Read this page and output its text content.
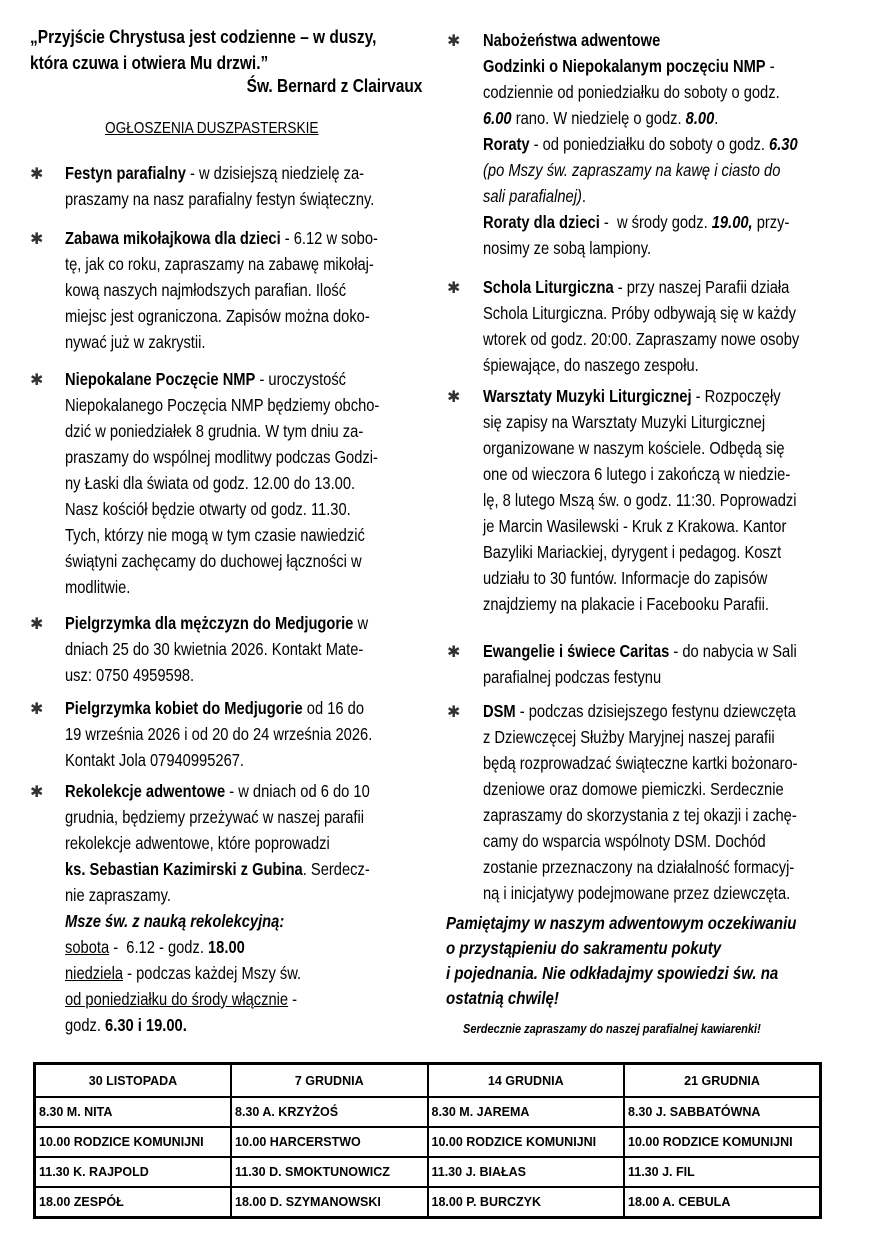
„Przyjście Chrystusa jest codzienne – w duszy,
która czuwa i otwiera Mu drzwi.”
Św. Bernard z Clairvaux
OGŁOSZENIA DUSZPASTERSKIE
✱ Festyn parafialny - w dzisiejszą niedzielę za-
praszamy na nasz parafialny festyn świąteczny.
✱ Zabawa mikołajkowa dla dzieci - 6.12 w sobo-
tę, jak co roku, zapraszamy na zabawę mikołaj-
kową naszych najmłodszych parafian. Ilość
miejsc jest ograniczona. Zapisów można doko-
nywać już w zakrystii.
✱ Niepokalane Poczęcie NMP - uroczystość
Niepokalanego Poczęcia NMP będziemy obcho-
dzić w poniedziałek 8 grudnia. W tym dniu za-
praszamy do wspólnej modlitwy podczas Godzi-
ny Łaski dla świata od godz. 12.00 do 13.00.
Nasz kościół będzie otwarty od godz. 11.30.
Tych, którzy nie mogą w tym czasie nawiedzić
świątyni zachęcamy do duchowej łączności w
modlitwie.
✱ Pielgrzymka dla mężczyzn do Medjugorie w
dniach 25 do 30 kwietnia 2026. Kontakt Mate-
usz: 0750 4959598.
✱ Pielgrzymka kobiet do Medjugorie od 16 do
19 września 2026 i od 20 do 24 września 2026.
Kontakt Jola 07940995267.
✱ Rekolekcje adwentowe - w dniach od 6 do 10
grudnia, będziemy przeżywać w naszej parafii
rekolekcje adwentowe, które poprowadzi
ks. Sebastian Kazimirski z Gubina. Serdecz-
nie zapraszamy.
Msze św. z nauką rekolekcyjną:
sobota -  6.12 - godz. 18.00
niedziela - podczas każdej Mszy św.
od poniedziałku do środy włącznie -
godz. 6.30 i 19.00.
✱ Nabożeństwa adwentowe
Godzinki o Niepokalanym poczęciu NMP -
codziennie od poniedziałku do soboty o godz.
6.00 rano. W niedzielę o godz. 8.00.
Roraty - od poniedziałku do soboty o godz. 6.30
(po Mszy św. zapraszamy na kawę i ciasto do
sali parafialnej).
Roraty dla dzieci -  w środy godz. 19.00, przy-
nosimy ze sobą lampiony.
✱ Schola Liturgiczna - przy naszej Parafii działa
Schola Liturgiczna. Próby odbywają się w każdy
wtorek od godz. 20:00. Zapraszamy nowe osoby
śpiewające, do naszego zespołu.
✱ Warsztaty Muzyki Liturgicznej - Rozpoczęły
się zapisy na Warsztaty Muzyki Liturgicznej
organizowane w naszym kościele. Odbędą się
one od wieczora 6 lutego i zakończą w niedzie-
lę, 8 lutego Mszą św. o godz. 11:30. Poprowadzi
je Marcin Wasilewski - Kruk z Krakowa. Kantor
Bazyliki Mariackiej, dyrygent i pedagog. Koszt
udziału to 30 funtów. Informacje do zapisów
znajdziemy na plakacie i Facebooku Parafii.
✱ Ewangelie i świece Caritas - do nabycia w Sali
parafialnej podczas festynu
✱ DSM - podczas dzisiejszego festynu dziewczęta
z Dziewczęcej Służby Maryjnej naszej parafii
będą rozprowadzać świąteczne kartki bożonaro-
dzeniowe oraz domowe piemiczki. Serdecznie
zapraszamy do skorzystania z tej okazji i zachę-
camy do wsparcia wspólnoty DSM. Dochód
zostanie przeznaczony na działalność formacyj-
ną i inicjatywy podejmowane przez dziewczęta.
Pamiętajmy w naszym adwentowym oczekiwaniu
o przystąpieniu do sakramentu pokuty
i pojednania. Nie odkładajmy spowiedzi św. na
ostatnią chwilę!
Serdecznie zapraszamy do naszej parafialnej kawiarenki!
30 LISTOPADA	7 GRUDNIA	14 GRUDNIA	21 GRUDNIA
8.30 M. NITA	8.30 A. KRZYŻOŚ	8.30 M. JAREMA	8.30 J. SABBATÓWNA
10.00 RODZICE KOMUNIJNI	10.00 HARCERSTWO	10.00 RODZICE KOMUNIJNI	10.00 RODZICE KOMUNIJNI
11.30 K. RAJPOLD	11.30 D. SMOKTUNOWICZ	11.30 J. BIAŁAS	11.30 J. FIL
18.00 ZESPÓŁ	18.00 D. SZYMANOWSKI	18.00 P. BURCZYK	18.00 A. CEBULA
